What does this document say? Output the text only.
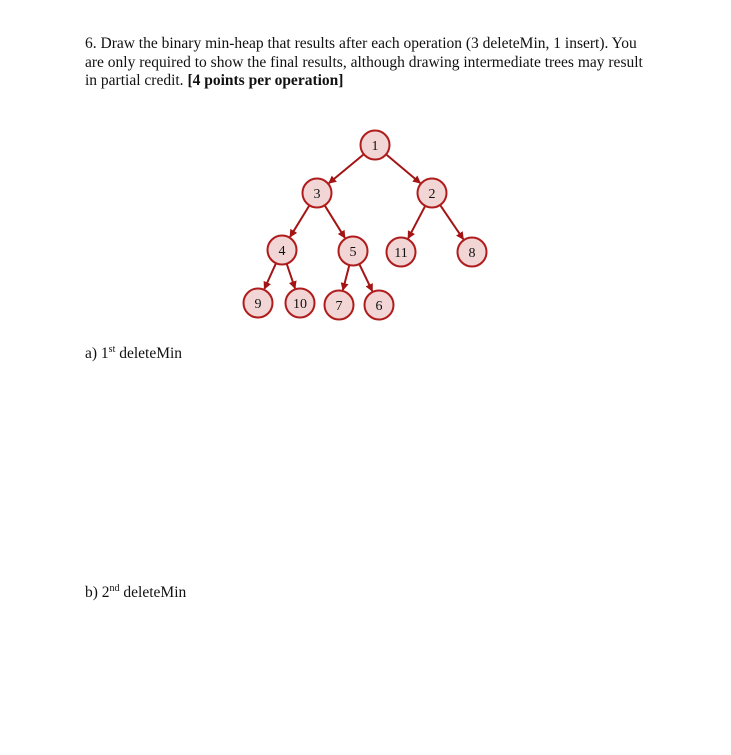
6. Draw the binary min-heap that results after each operation (3 deleteMin, 1 insert). You
are only required to show the final results, although drawing intermediate trees may result
in partial credit. [4 points per operation]
1
3	2
4	5	11	8
9 10 7 6
a) 1st deleteMin
b) 2nd deleteMin
